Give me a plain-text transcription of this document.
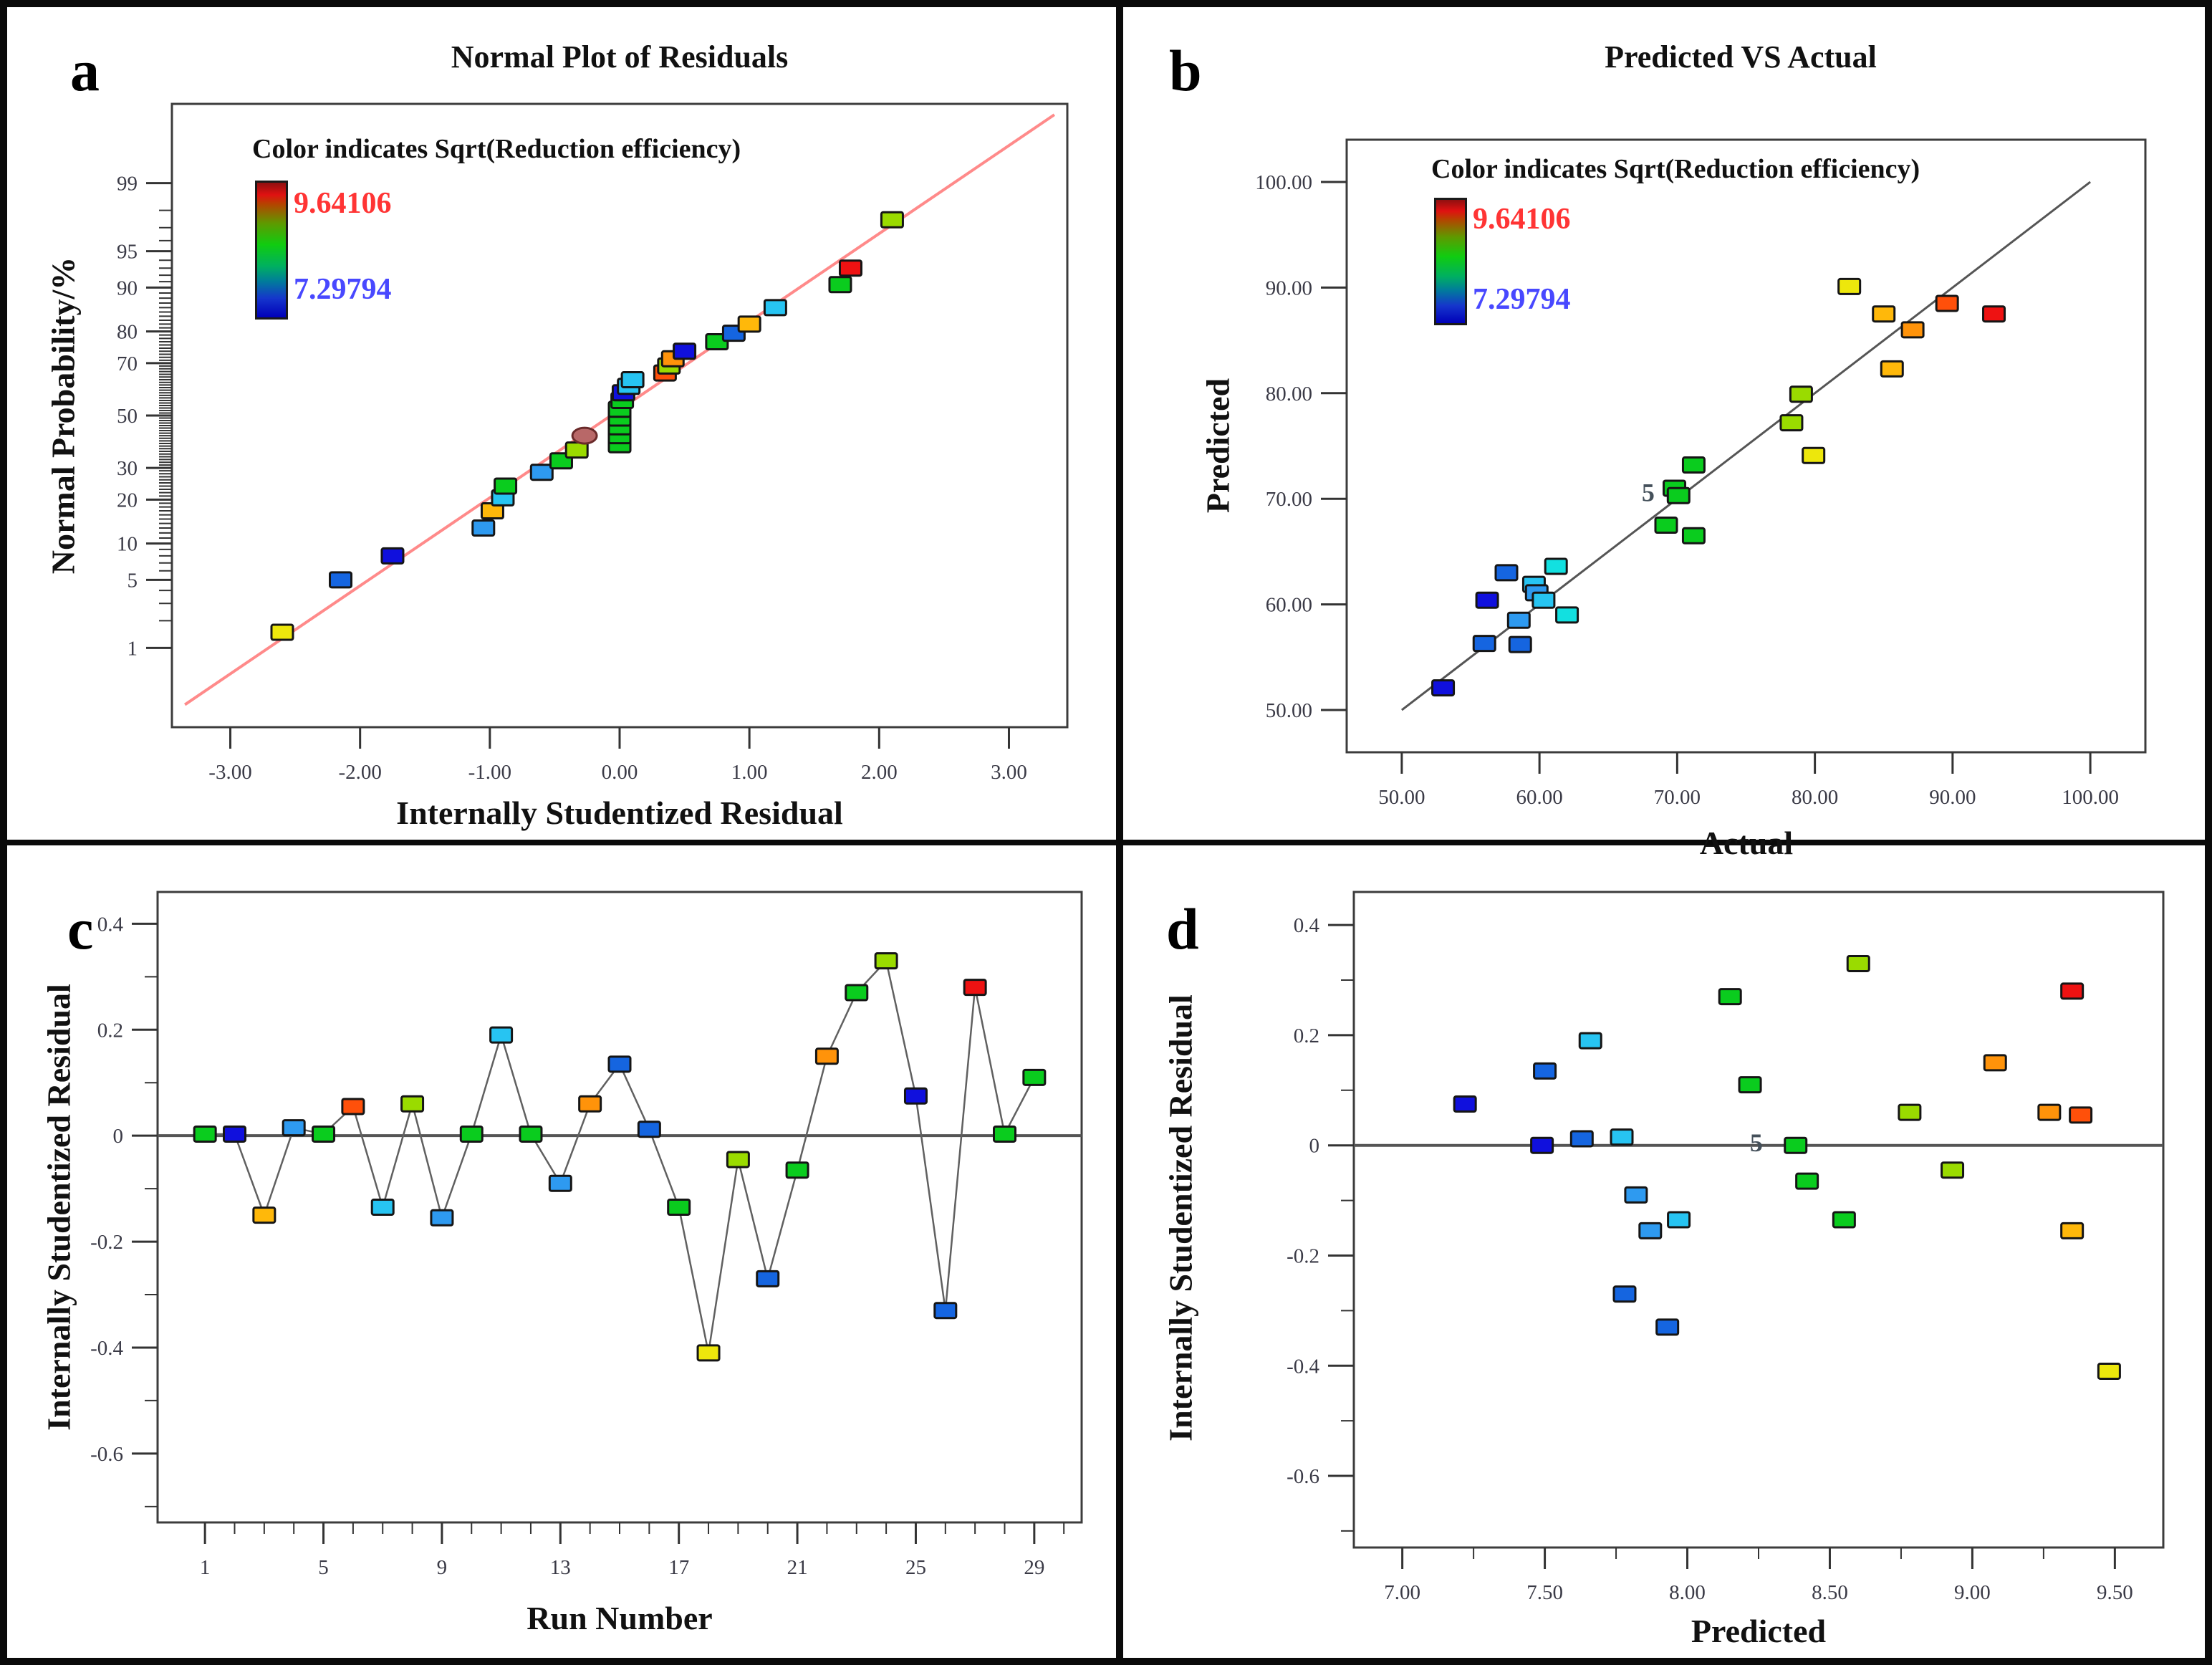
-3.00	-2.00	-1.00	0.00	1.00	2.00	3.00
99
95
90
80
70
50
30
20
10
5
1
50.00	60.00	70.00	80.00	90.00	100.00
100.00
90.00
80.00
70.00
60.00
50.00
5
1	5	9	13	17	21	25	29
0.4
0.2
0
-0.2
-0.4
-0.6
7.00	7.50	8.00	8.50	9.00	9.50
0.4
0.2
0
-0.2
-0.4
-0.6
5
a	Normal Plot of Residuals
Internally Studentized Residual
Normal Probability/%
Color indicates Sqrt(Reduction efficiency)
9.64106
7.29794
b	Predicted VS Actual
Actual
Predicted
Color indicates Sqrt(Reduction efficiency)
9.64106
7.29794
c
Run Number
Internally Studentized Residual
d
Predicted
Internally Studentized Residual
